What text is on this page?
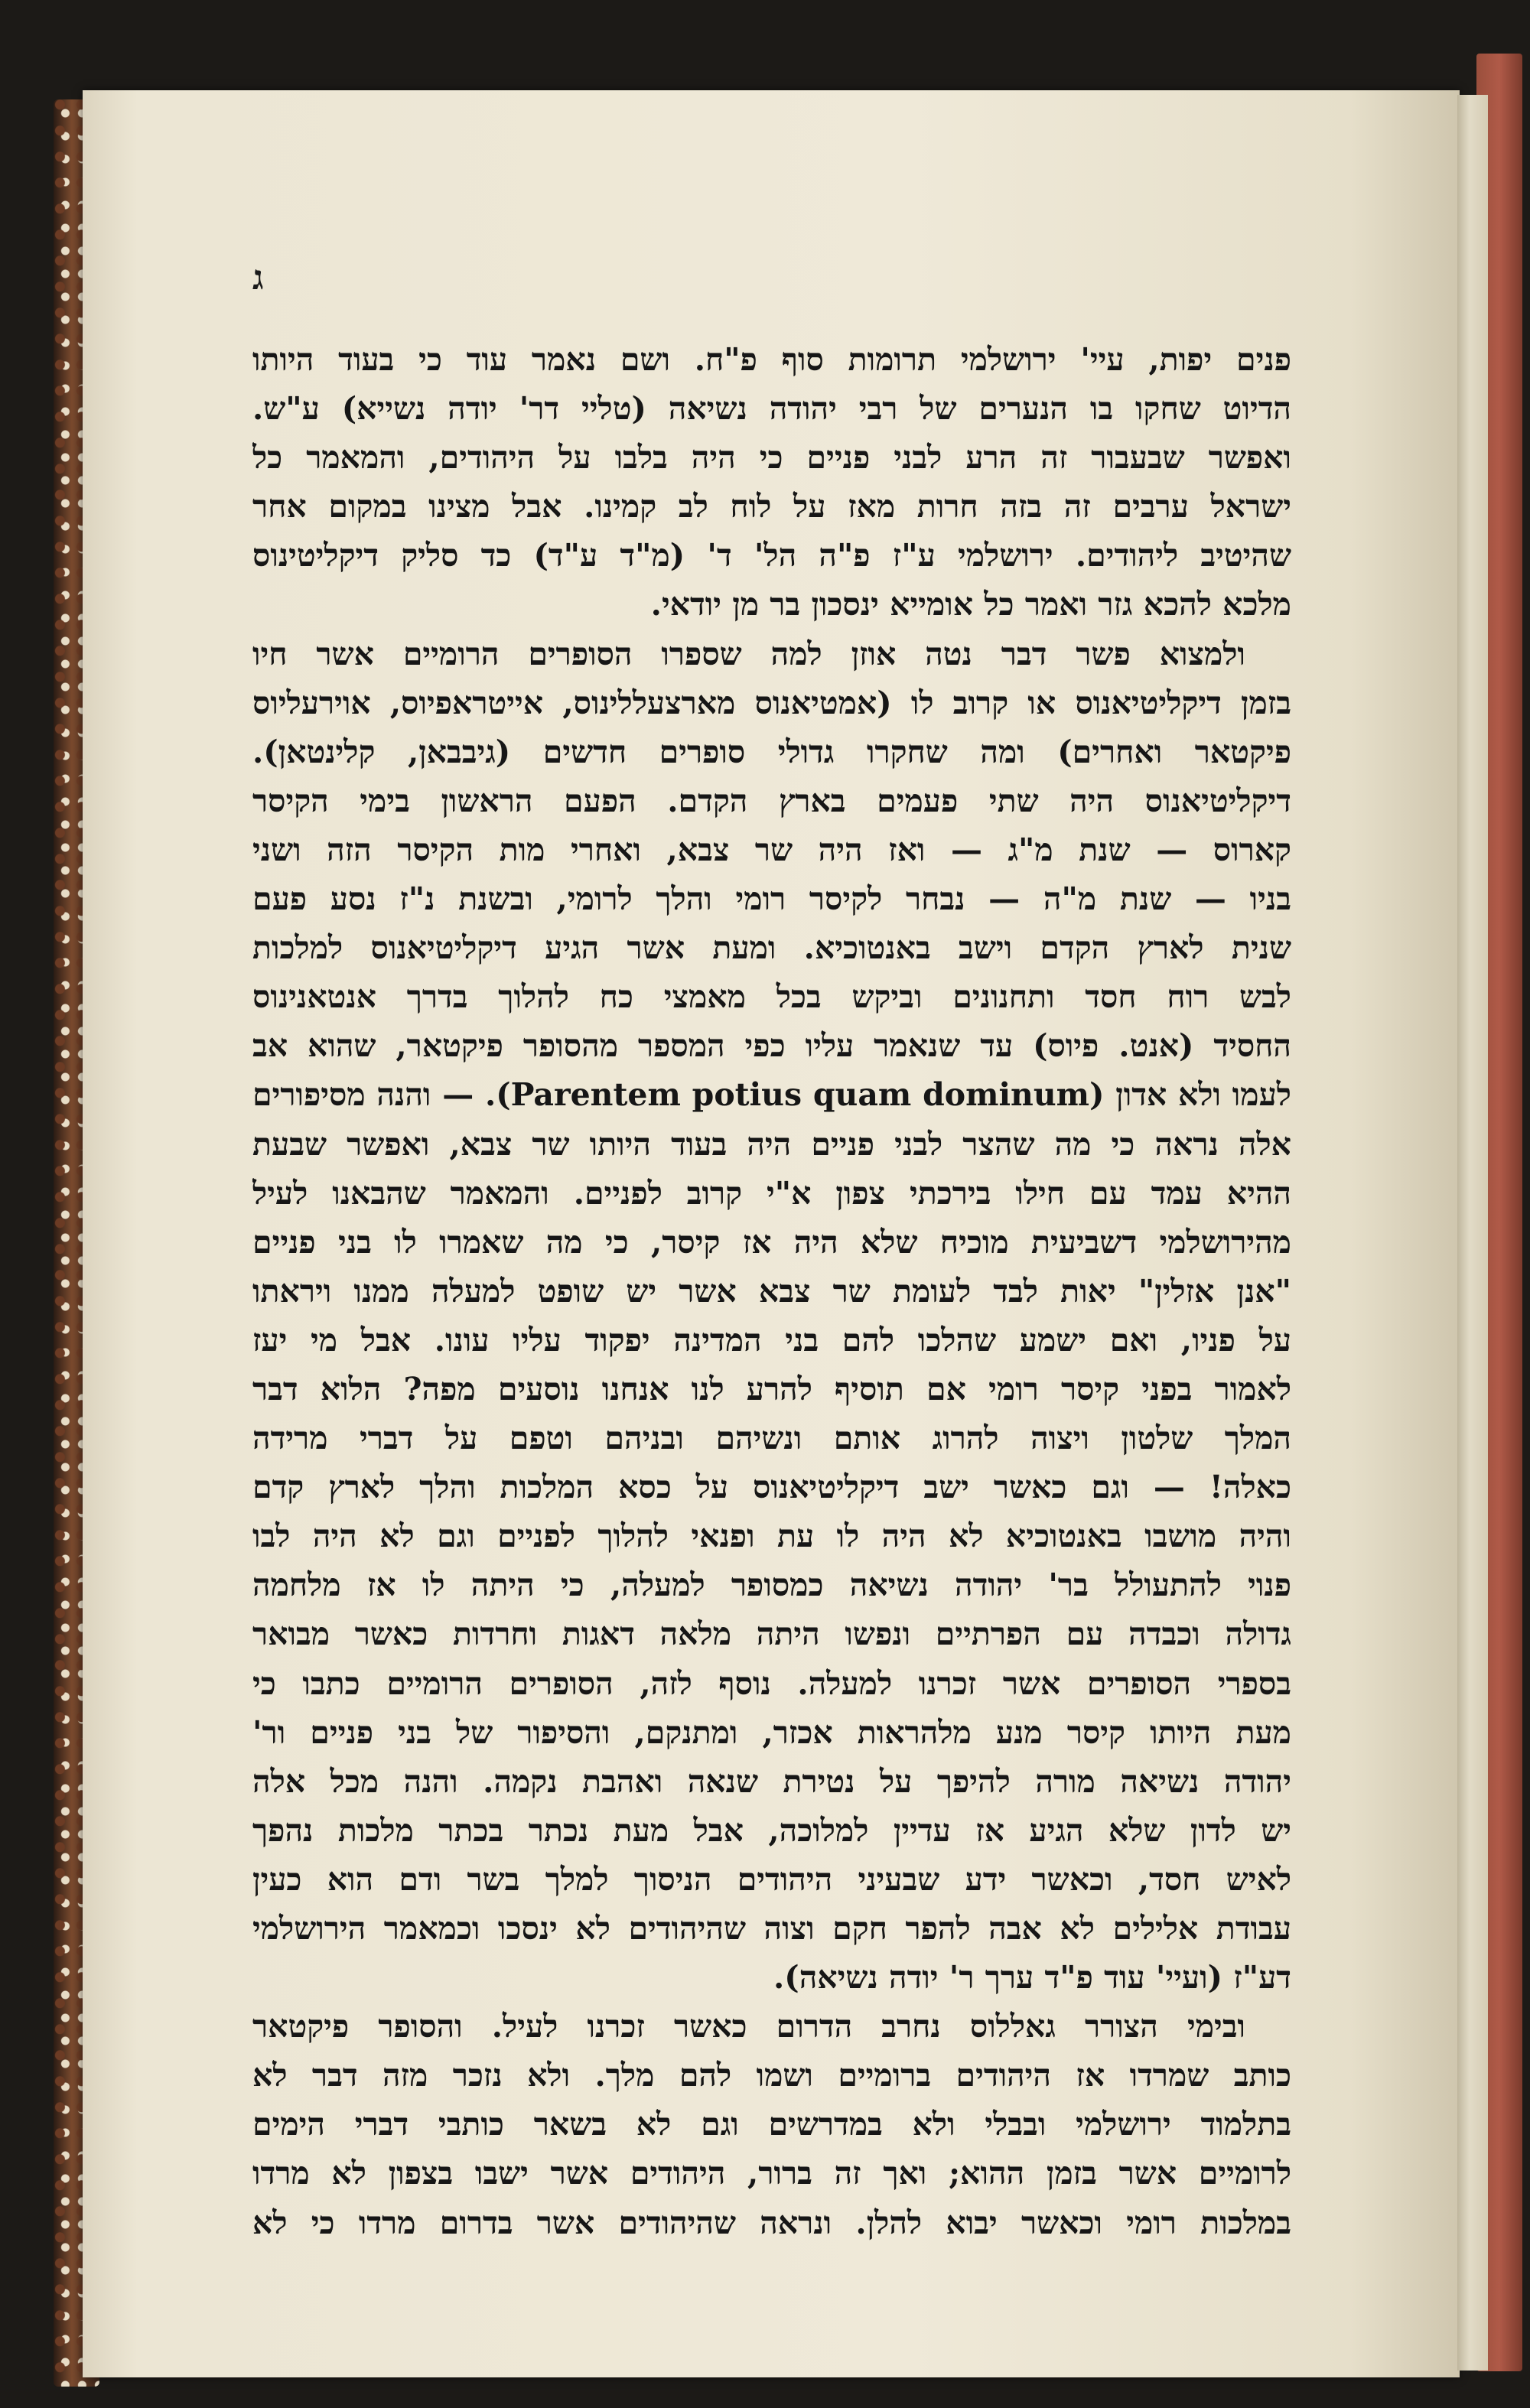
ג
פנים יפות, עיי' ירושלמי תרומות סוף פ"ח. ושם נאמר עוד כי בעוד היותו
הדיוט שחקו בו הנערים של רבי יהודה נשיאה (טליי דר' יודה נשייא) ע"ש.
ואפשר שבעבור זה הרע לבני פניים כי היה בלבו על היהודים, והמאמר כל
ישראל ערבים זה בזה חרות מאז על לוח לב קמינו. אבל מצינו במקום אחר
שהיטיב ליהודים. ירושלמי ע"ז פ"ה הל' ד' (מ"ד ע"ד) כד סליק דיקליטינוס
מלכא להכא גזר ואמר כל אומייא ינסכון בר מן יודאי.
ולמצוא פשר דבר נטה אוזן למה שספרו הסופרים הרומיים אשר חיו
בזמן דיקליטיאנוס או קרוב לו (אמטיאנוס מארצעללינוס, אייטראפיוס, אוירעליוס
פיקטאר ואחרים) ומה שחקרו גדולי סופרים חדשים (גיבבאן, קלינטאן).
דיקליטיאנוס היה שתי פעמים בארץ הקדם. הפעם הראשון בימי הקיסר
קארוס — שנת מ"ג — ואז היה שר צבא, ואחרי מות הקיסר הזה ושני
בניו — שנת מ"ה — נבחר לקיסר רומי והלך לרומי, ובשנת נ"ז נסע פעם
שנית לארץ הקדם וישב באנטוכיא. ומעת אשר הגיע דיקליטיאנוס למלכות
לבש רוח חסד ותחנונים וביקש בכל מאמצי כח להלוך בדרך אנטאנינוס
החסיד (אנט. פיוס) עד שנאמר עליו כפי המספר מהסופר פיקטאר, שהוא אב
לעמו ולא אדון (Parentem potius quam dominum). — והנה מסיפורים
אלה נראה כי מה שהצר לבני פניים היה בעוד היותו שר צבא, ואפשר שבעת
ההיא עמד עם חילו בירכתי צפון א"י קרוב לפניים. והמאמר שהבאנו לעיל
מהירושלמי דשביעית מוכיח שלא היה אז קיסר, כי מה שאמרו לו בני פניים
"אנן אזלין" יאות לבד לעומת שר צבא אשר יש שופט למעלה ממנו ויראתו
על פניו, ואם ישמע שהלכו להם בני המדינה יפקוד עליו עונו. אבל מי יעז
לאמור בפני קיסר רומי אם תוסיף להרע לנו אנחנו נוסעים מפה? הלוא דבר
המלך שלטון ויצוה להרוג אותם ונשיהם ובניהם וטפם על דברי מרידה
כאלה! — וגם כאשר ישב דיקליטיאנוס על כסא המלכות והלך לארץ קדם
והיה מושבו באנטוכיא לא היה לו עת ופנאי להלוך לפניים וגם לא היה לבו
פנוי להתעולל בר' יהודה נשיאה כמסופר למעלה, כי היתה לו אז מלחמה
גדולה וכבדה עם הפרתיים ונפשו היתה מלאה דאגות וחרדות כאשר מבואר
בספרי הסופרים אשר זכרנו למעלה. נוסף לזה, הסופרים הרומיים כתבו כי
מעת היותו קיסר מנע מלהראות אכזר, ומתנקם, והסיפור של בני פניים ור'
יהודה נשיאה מורה להיפך על נטירת שנאה ואהבת נקמה. והנה מכל אלה
יש לדון שלא הגיע אז עדיין למלוכה, אבל מעת נכתר בכתר מלכות נהפך
לאיש חסד, וכאשר ידע שבעיני היהודים הניסוך למלך בשר ודם הוא כעין
עבודת אלילים לא אבה להפר חקם וצוה שהיהודים לא ינסכו וכמאמר הירושלמי
דע"ז (ועיי' עוד פ"ד ערך ר' יודה נשיאה).
ובימי הצורר גאללוס נחרב הדרום כאשר זכרנו לעיל. והסופר פיקטאר
כותב שמרדו אז היהודים ברומיים ושמו להם מלך. ולא נזכר מזה דבר לא
בתלמוד ירושלמי ובבלי ולא במדרשים וגם לא בשאר כותבי דברי הימים
לרומיים אשר בזמן ההוא; ואך זה ברור, היהודים אשר ישבו בצפון לא מרדו
במלכות רומי וכאשר יבוא להלן. ונראה שהיהודים אשר בדרום מרדו כי לא
